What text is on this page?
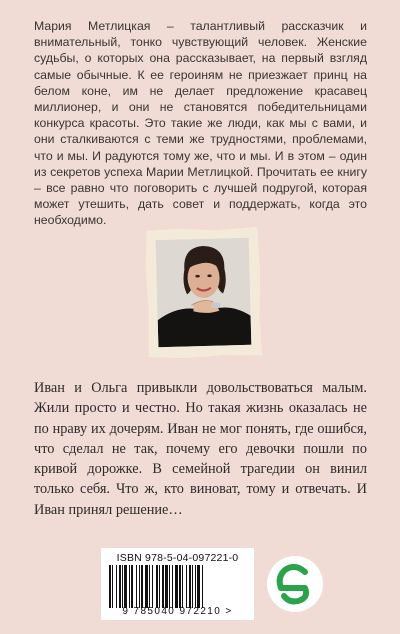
Мария Метлицкая – талантливый рассказчик и внимательный, тонко чувствующий человек. Женские судьбы, о которых она рассказывает, на первый взгляд самые обычные. К ее героиням не приезжает принц на белом коне, им не делает предложение красавец миллионер, и они не становятся победительницами конкурса красоты. Это такие же люди, как мы с вами, и они сталкиваются с теми же трудностями, проблемами, что и мы. И радуются тому же, что и мы. И в этом – один из секретов успеха Марии Метлицкой. Прочитать ее книгу – все равно что поговорить с лучшей подругой, которая может утешить, дать совет и поддержать, когда это необходимо.

Иван и Ольга привыкли довольствоваться малым. Жили просто и честно. Но такая жизнь оказалась не по нраву их дочерям. Иван не мог понять, где ошибся, что сделал не так, почему его девочки пошли по кривой дорожке. В семейной трагедии он винил только себя. Что ж, кто виноват, тому и отвечать. И Иван принял решение…

ISBN 978-5-04-097221-0
9 785040 972210 >
